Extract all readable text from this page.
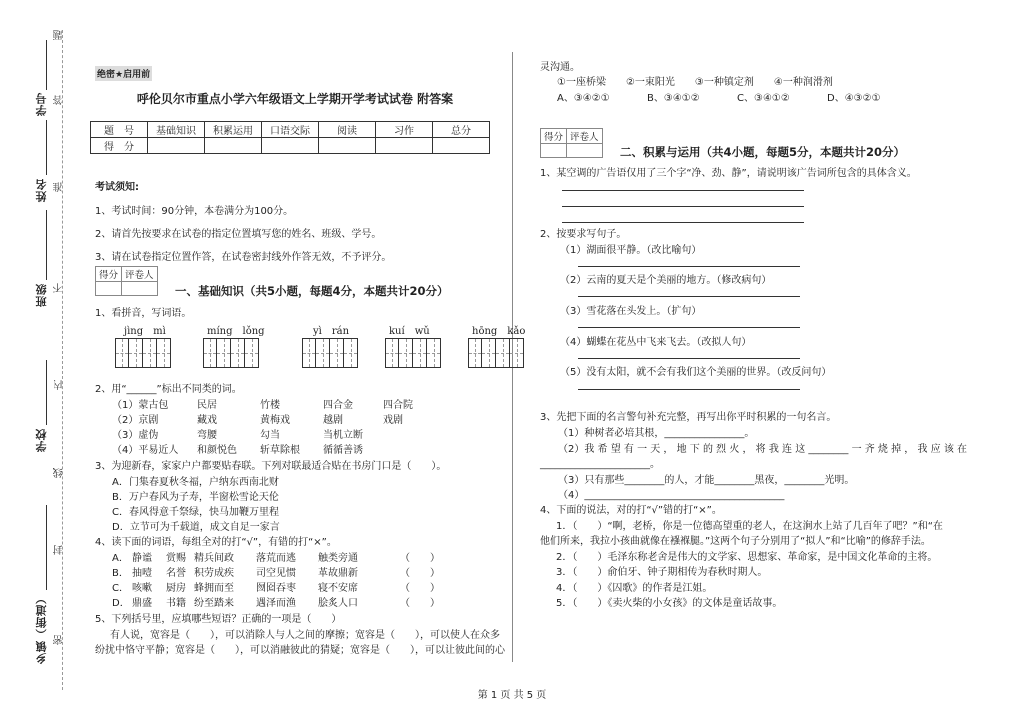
题
学号 答
姓名 准
班级 不
内
学校
线
封
乡镇（街道） 密
绝密★启用前
呼伦贝尔市重点小学六年级语文上学期开学考试试卷 附答案
题　号	基础知识	积累运用	口语交际	阅读	习作	总分
得　分						
考试须知:
1、考试时间：90分钟，本卷满分为100分。
2、请首先按要求在试卷的指定位置填写您的姓名、班级、学号。
3、请在试卷指定位置作答，在试卷密封线外作答无效，不予评分。
得分	评卷人

一、基础知识（共5小题，每题4分，本题共计20分）
1、看拼音，写词语。
jìng　mì	míng　lǒng	yì　rán	kuí　wǔ	hōng　kǎo
2、用“______”标出不同类的词。
（1）蒙古包	民居	竹楼	四合金	四合院
（2）京剧	藏戏	黄梅戏	越剧	戏剧
（3）虚伪	弯腰	勾当	当机立断
（4）平易近人 和颜悦色 斩草除根 循循善诱
3、为迎新春，家家户户都要贴春联。下列对联最适合贴在书房门口是（　　）。
A．门集春夏秋冬福，户纳东西南北财
B．万户春风为子寿，半窗松雪论天伦
C．春风得意千祭绿，快马加鞭万里程
D．立节可为千载道，成文自足一家言
4、读下面的词语，每组全对的打“√”，有错的打“×”。
A． 静谧 赏赐 精兵间政 落荒而逃 触类旁通	（　　）
B． 抽噎 名誉 积劳成疾 司空见惯 革故鼎新	（　　）
C． 咳嗽 厨房 蜂拥而至 囫囵吞枣 寝不安席	（　　）
D． 鼎盛 书籍 纷至踏来 遇泽而渔 脍炙人口	（　　）
5、下列括号里，应填哪些短语？正确的一项是（　　）
有人说，宽容是（　　），可以消除人与人之间的摩擦；宽容是（　　），可以使人在众多
纷扰中恪守平静；宽容是（　　），可以消融彼此的猜疑；宽容是（　　），可以让彼此间的心
灵沟通。
①一座桥梁　　②一束阳光　　③一种镇定剂　　④一种润滑剂
A、③④②①	B、③④①②	C、③④①②	D、④③②①
得分	评卷人

二、积累与运用（共4小题，每题5分，本题共计20分）
1、某空调的广告语仅用了三个字“净、劲、静”，请说明该广告词所包含的具体含义。
2、按要求写句子。
（1）湖面很平静。（改比喻句）
（2）云南的夏天是个美丽的地方。（修改病句）
（3）雪花落在头发上。（扩句）
（4）蝴蝶在花丛中飞来飞去。（改拟人句）
（5）没有太阳，就不会有我们这个美丽的世界。（改反问句）
3、先把下面的名言警句补充完整，再写出你平时积累的一句名言。
（1）种树者必培其根，________________。
（2）我 希 望 有 一 天 ， 地 下 的 烈 火 ， 将 我 连 这 ________ 一 齐 烧 掉 ， 我 应 该 在
______________________。
（3）只有那些________的人，才能________黑夜，________光明。
（4）________________________________________
4、下面的说法，对的打“√”错的打“×”。
1．（　　）“啊，老桥，你是一位德高望重的老人，在这涧水上站了几百年了吧？”和“在
他们所来，我拉小孩曲就像在襁褓腿。”这两个句子分别用了“拟人”和“比喻”的修辞手法。
2．（　　）毛泽东称老舍是伟大的文学家、思想家、革命家，是中国文化革命的主将。
3．（　　）俞伯牙、钟子期相传为春秋时期人。
4．（　　）《囚歌》的作者是江姐。
5．（　　）《卖火柴的小女孩》的文体是童话故事。
第 1 页 共 5 页
